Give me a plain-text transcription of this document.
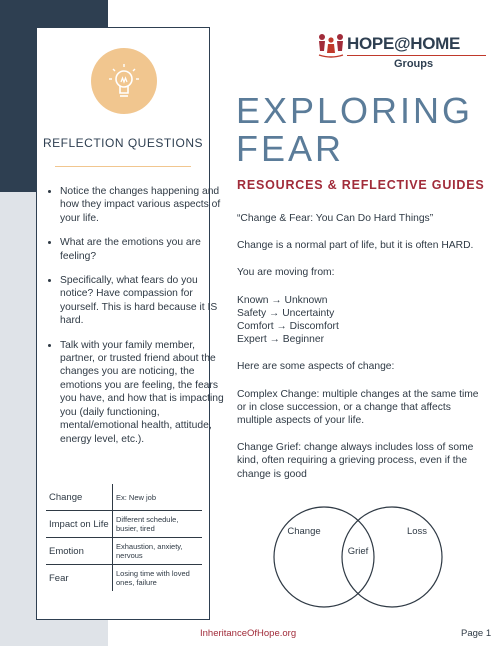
REFLECTION QUESTIONS
• Notice the changes happening and how they impact various aspects of your life.
• What are the emotions you are feeling?
• Specifically, what fears do you notice? Have compassion for yourself. This is hard because it IS hard.
• Talk with your family member, partner, or trusted friend about the changes you are noticing, the emotions you are feeling, the fears you have, and how that is impacting you (daily functioning, mental/emotional health, attitude, energy level, etc.).
Change	Ex: New job
Impact on Life	Different schedule, busier, tired
Emotion	Exhaustion, anxiety, nervous
Fear	Losing time with loved ones, failure
HOPE@HOME
Groups
EXPLORING
FEAR
RESOURCES & REFLECTIVE GUIDES

“Change & Fear: You Can Do Hard Things”

Change is a normal part of life, but it is often HARD.

You are moving from:

Known → Unknown
Safety → Uncertainty
Comfort → Discomfort
Expert → Beginner

Here are some aspects of change:

Complex Change: multiple changes at the same time or in close succession, or a change that affects multiple aspects of your life.

Change Grief: change always includes loss of some kind, often requiring a grieving process, even if the change is good

Change
Grief
Loss
InheritanceOfHope.org	Page 1
